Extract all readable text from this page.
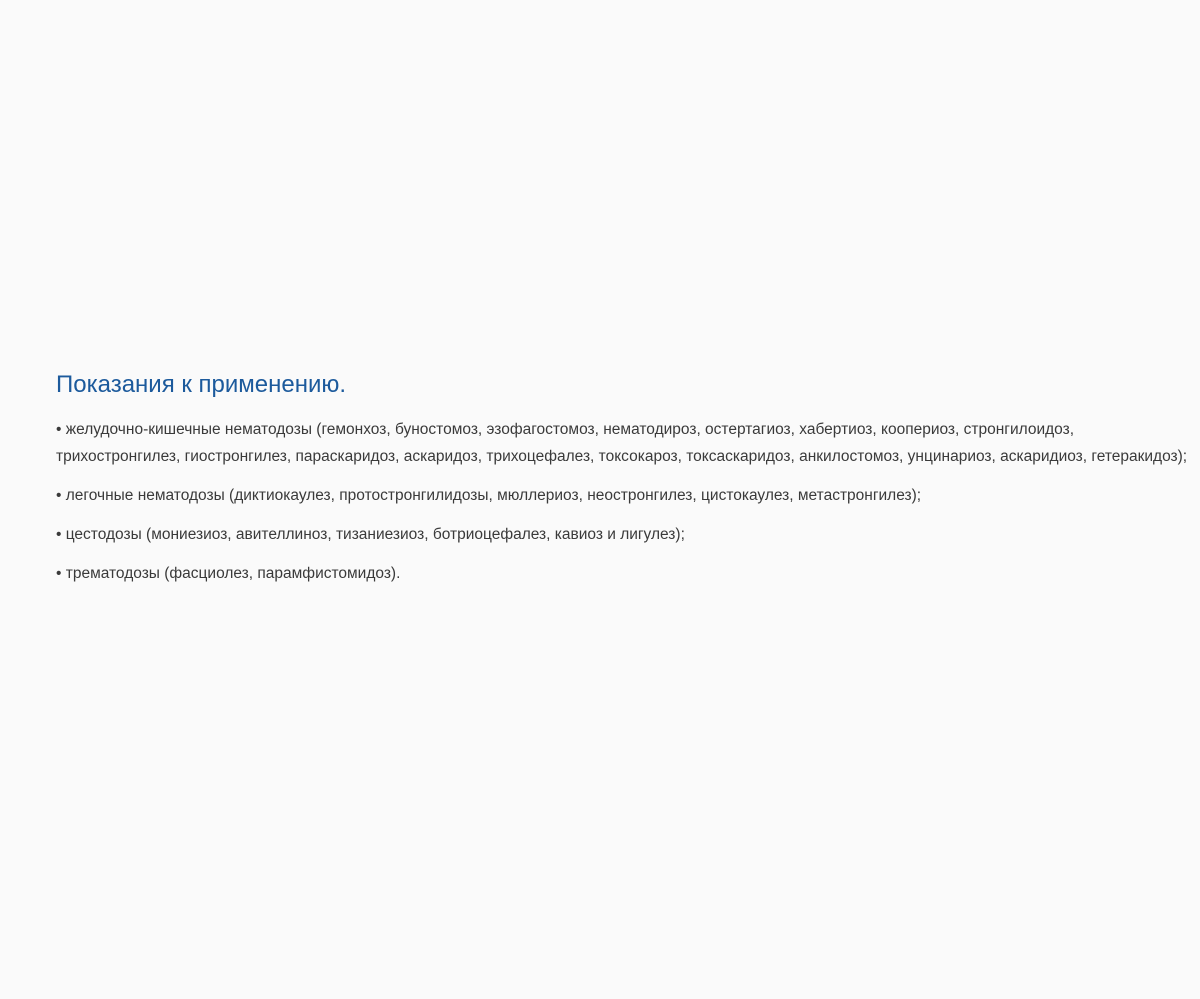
Показания к применению.
• желудочно-кишечные нематодозы (гемонхоз, буностомоз, эзофагостомоз, нематодироз, остертагиоз, хабертиоз, коопериоз, стронгилоидоз, трихостронгилез, гиостронгилез, параскаридоз, аскаридоз, трихоцефалез, токсокароз, токсаскаридоз, анкилостомоз, унцинариоз, аскаридиоз, гетеракидоз);
• легочные нематодозы (диктиокаулез, протостронгилидозы, мюллериоз, неостронгилез, цистокаулез, метастронгилез);
• цестодозы (мониезиоз, авителлиноз, тизаниезиоз, ботриоцефалез, кавиоз и лигулез);
• трематодозы (фасциолез, парамфистомидоз).
